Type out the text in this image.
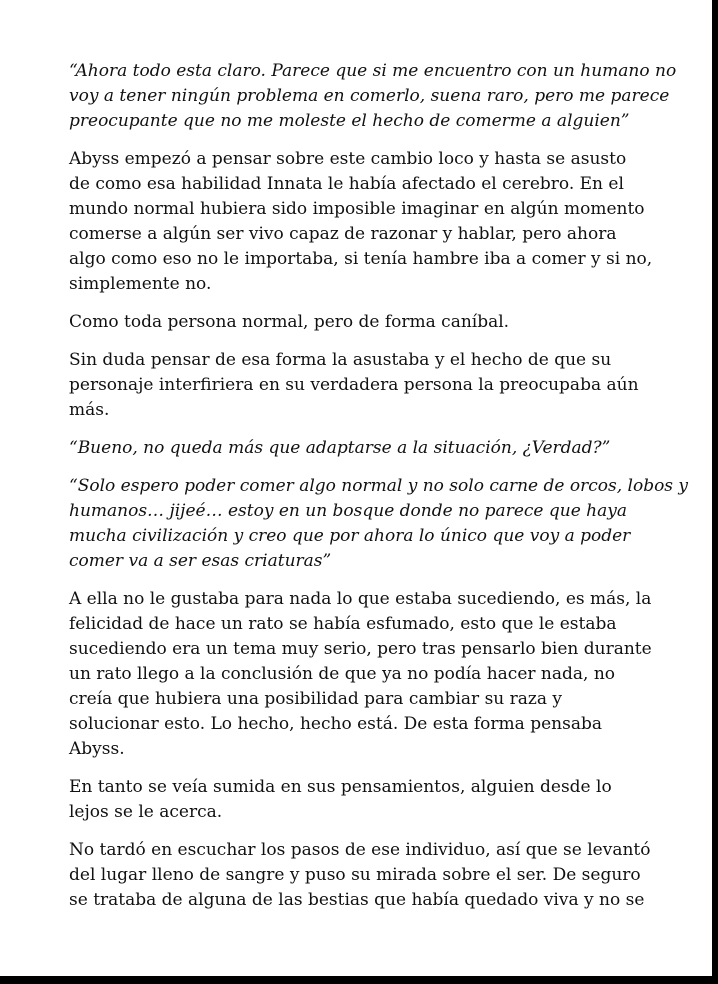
“Ahora todo esta claro. Parece que si me encuentro con un humano no
voy a tener ningún problema en comerlo, suena raro, pero me parece
preocupante que no me moleste el hecho de comerme a alguien”

Abyss empezó a pensar sobre este cambio loco y hasta se asusto
de como esa habilidad Innata le había afectado el cerebro. En el
mundo normal hubiera sido imposible imaginar en algún momento
comerse a algún ser vivo capaz de razonar y hablar, pero ahora
algo como eso no le importaba, si tenía hambre iba a comer y si no,
simplemente no.

Como toda persona normal, pero de forma caníbal.

Sin duda pensar de esa forma la asustaba y el hecho de que su
personaje interfiriera en su verdadera persona la preocupaba aún
más.

“Bueno, no queda más que adaptarse a la situación, ¿Verdad?”

“Solo espero poder comer algo normal y no solo carne de orcos, lobos y
humanos… jijeé… estoy en un bosque donde no parece que haya
mucha civilización y creo que por ahora lo único que voy a poder
comer va a ser esas criaturas”

A ella no le gustaba para nada lo que estaba sucediendo, es más, la
felicidad de hace un rato se había esfumado, esto que le estaba
sucediendo era un tema muy serio, pero tras pensarlo bien durante
un rato llego a la conclusión de que ya no podía hacer nada, no
creía que hubiera una posibilidad para cambiar su raza y
solucionar esto. Lo hecho, hecho está. De esta forma pensaba
Abyss.

En tanto se veía sumida en sus pensamientos, alguien desde lo
lejos se le acerca.

No tardó en escuchar los pasos de ese individuo, así que se levantó
del lugar lleno de sangre y puso su mirada sobre el ser. De seguro
se trataba de alguna de las bestias que había quedado viva y no se
